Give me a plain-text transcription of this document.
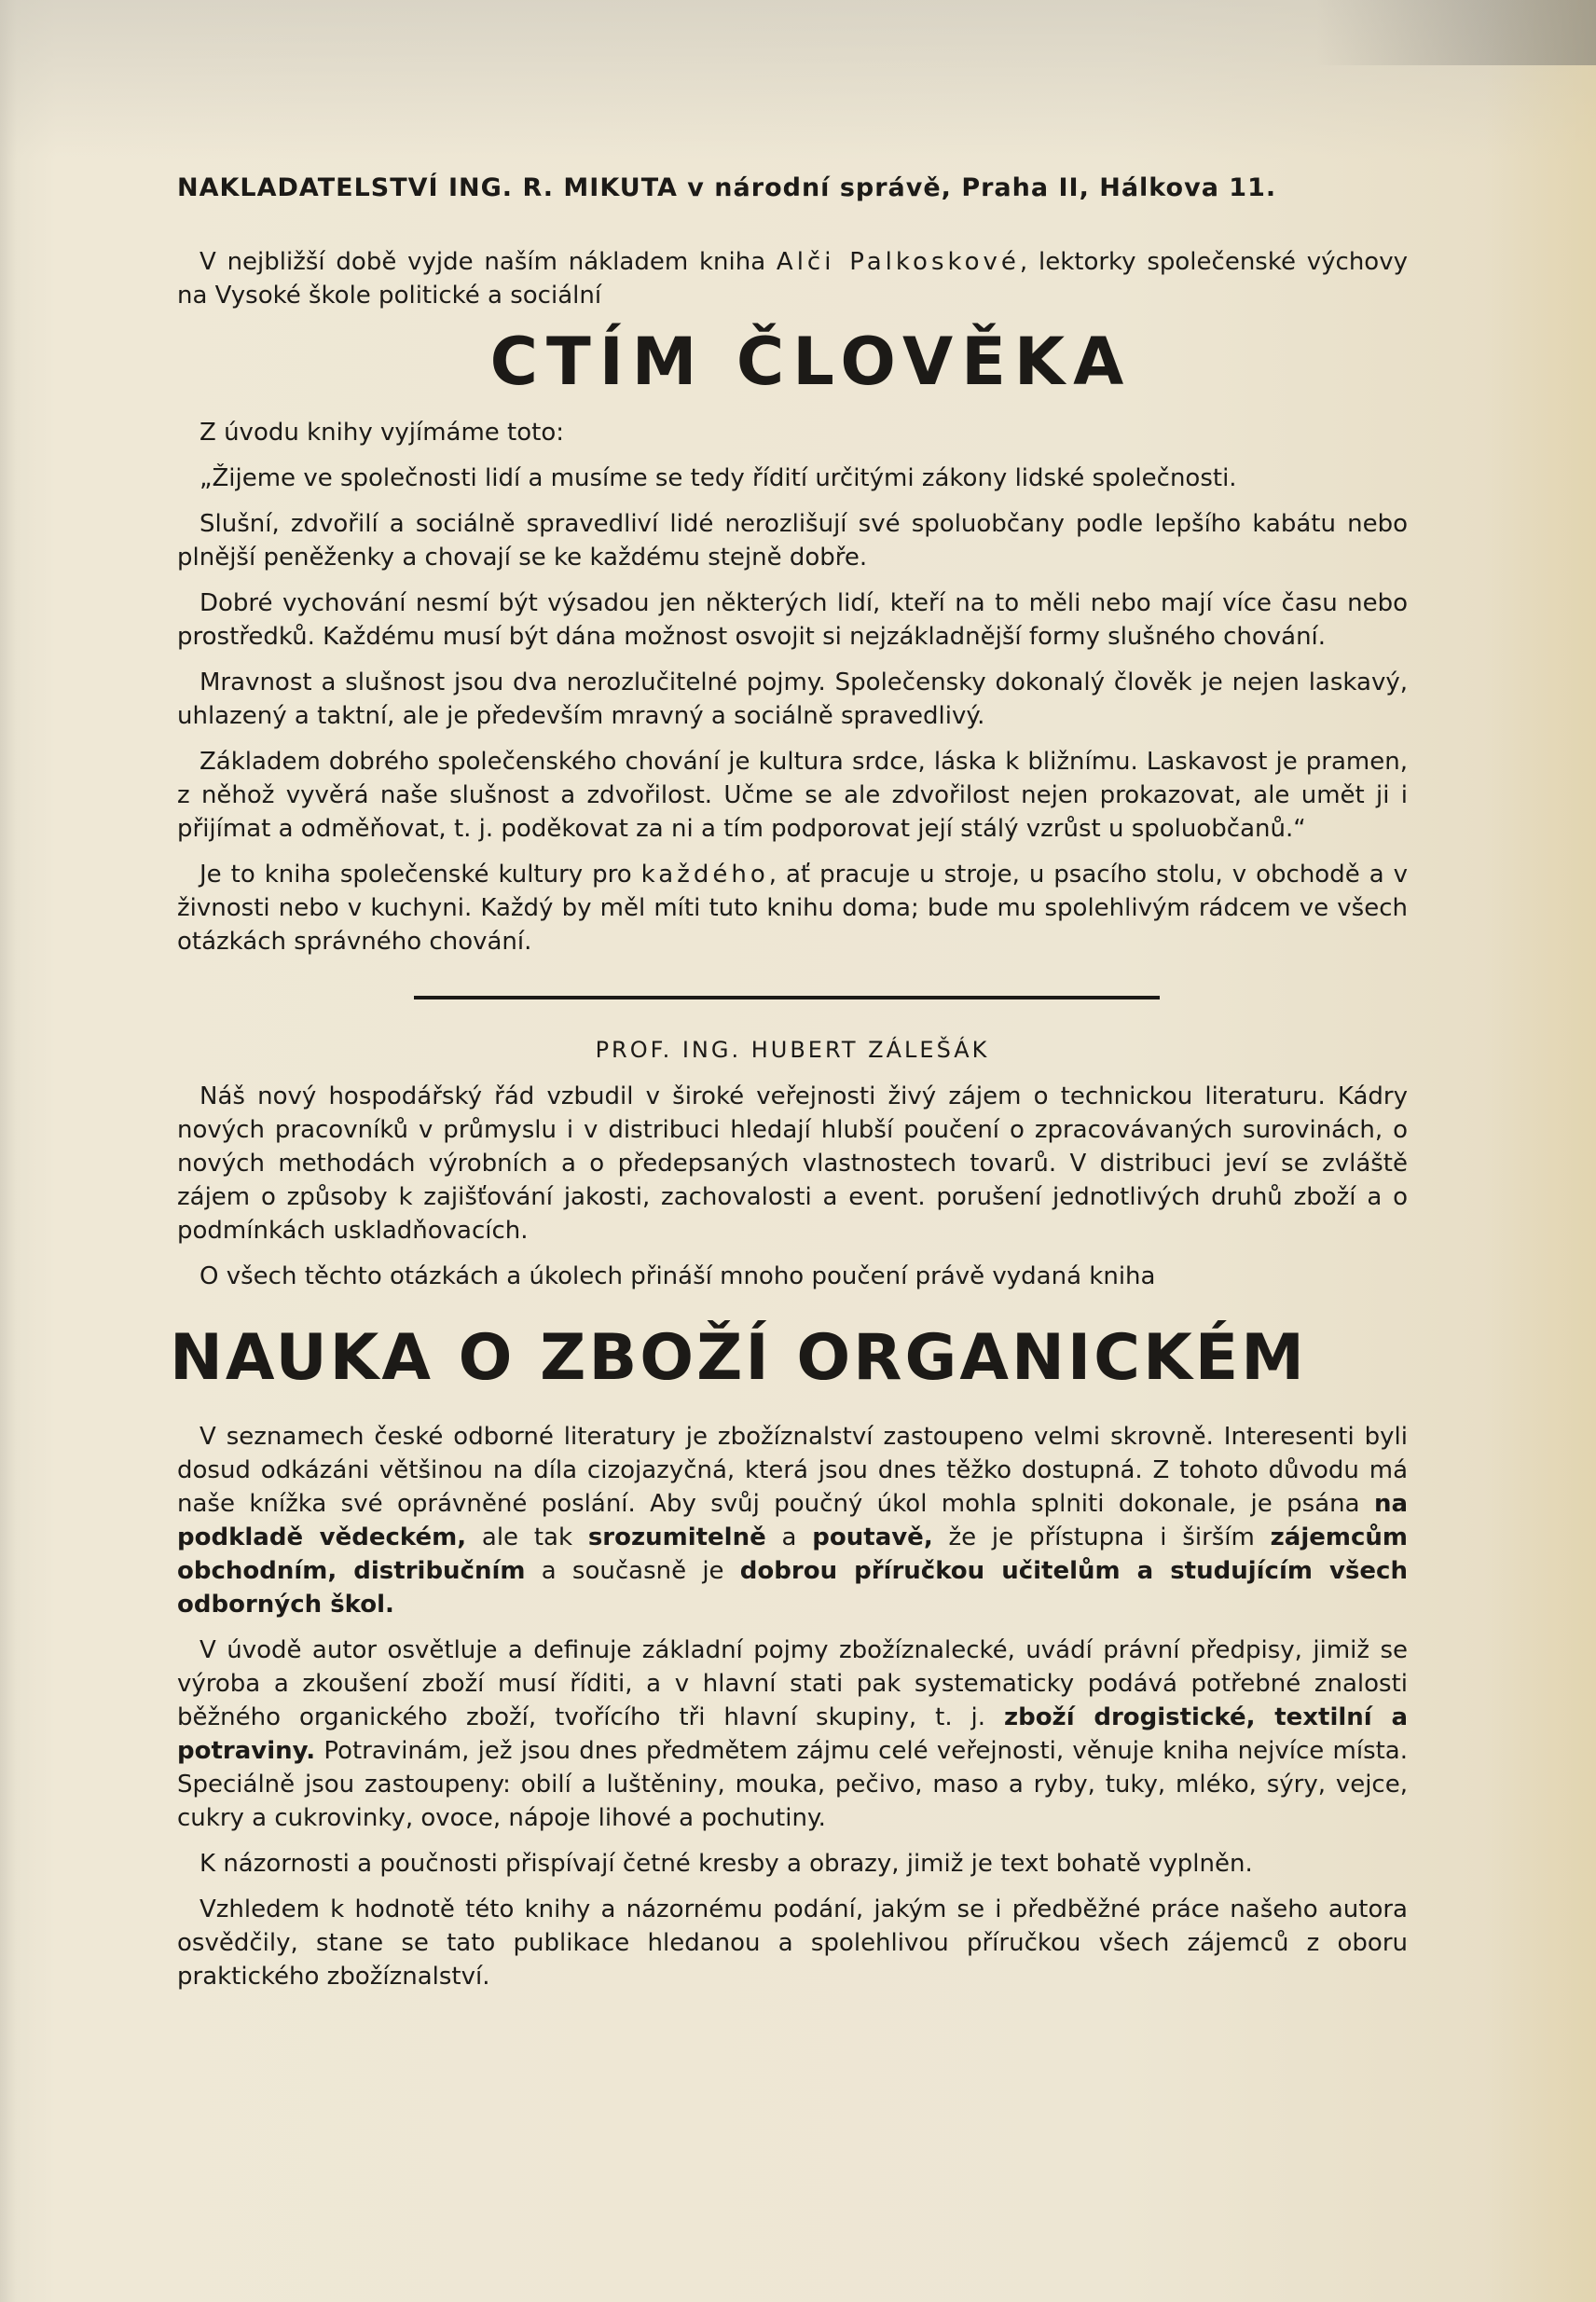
NAKLADATELSTVÍ ING. R. MIKUTA v národní správě, Praha II, Hálkova 11.

V nejbližší době vyjde naším nákladem kniha Alči Palkoskové, lektorky společenské výchovy na Vysoké škole politické a sociální

CTÍM ČLOVĚKA

Z úvodu knihy vyjímáme toto:

„Žijeme ve společnosti lidí a musíme se tedy řídití určitými zákony lidské společnosti.

Slušní, zdvořilí a sociálně spravedliví lidé nerozlišují své spoluobčany podle lepšího kabátu nebo plnější peněženky a chovají se ke každému stejně dobře.

Dobré vychování nesmí být výsadou jen některých lidí, kteří na to měli nebo mají více času nebo prostředků. Každému musí být dána možnost osvojit si nejzákladnější formy slušného chování.

Mravnost a slušnost jsou dva nerozlučitelné pojmy. Společensky dokonalý člověk je nejen laskavý, uhlazený a taktní, ale je především mravný a sociálně spravedlivý.

Základem dobrého společenského chování je kultura srdce, láska k bližnímu. Laskavost je pramen, z něhož vyvěrá naše slušnost a zdvořilost. Učme se ale zdvořilost nejen prokazovat, ale umět ji i přijímat a odměňovat, t. j. poděkovat za ni a tím podporovat její stálý vzrůst u spoluobčanů.“

Je to kniha společenské kultury pro každého, ať pracuje u stroje, u psacího stolu, v obchodě a v živnosti nebo v kuchyni. Každý by měl míti tuto knihu doma; bude mu spolehlivým rádcem ve všech otázkách správného chování.

PROF. ING. HUBERT ZÁLEŠÁK

Náš nový hospodářský řád vzbudil v široké veřejnosti živý zájem o technickou literaturu. Kádry nových pracovníků v průmyslu i v distribuci hledají hlubší poučení o zpracovávaných surovinách, o nových methodách výrobních a o předepsaných vlastnostech tovarů. V distribuci jeví se zvláště zájem o způsoby k zajišťování jakosti, zachovalosti a event. porušení jednotlivých druhů zboží a o podmínkách uskladňovacích.

O všech těchto otázkách a úkolech přináší mnoho poučení právě vydaná kniha

NAUKA O ZBOŽÍ ORGANICKÉM

V seznamech české odborné literatury je zbožíznalství zastoupeno velmi skrovně. Interesenti byli dosud odkázáni většinou na díla cizojazyčná, která jsou dnes těžko dostupná. Z tohoto důvodu má naše knížka své oprávněné poslání. Aby svůj poučný úkol mohla splniti dokonale, je psána na podkladě vědeckém, ale tak srozumitelně a poutavě, že je přístupna i širším zájemcům obchodním, distribučním a současně je dobrou příručkou učitelům a studujícím všech odborných škol.

V úvodě autor osvětluje a definuje základní pojmy zbožíznalecké, uvádí právní předpisy, jimiž se výroba a zkoušení zboží musí říditi, a v hlavní stati pak systematicky podává potřebné znalosti běžného organického zboží, tvořícího tři hlavní skupiny, t. j. zboží drogistické, textilní a potraviny. Potravinám, jež jsou dnes předmětem zájmu celé veřejnosti, věnuje kniha nejvíce místa. Speciálně jsou zastoupeny: obilí a luštěniny, mouka, pečivo, maso a ryby, tuky, mléko, sýry, vejce, cukry a cukrovinky, ovoce, nápoje lihové a pochutiny.

K názornosti a poučnosti přispívají četné kresby a obrazy, jimiž je text bohatě vyplněn.

Vzhledem k hodnotě této knihy a názornému podání, jakým se i předběžné práce našeho autora osvědčily, stane se tato publikace hledanou a spolehlivou příručkou všech zájemců z oboru praktického zbožíznalství.
